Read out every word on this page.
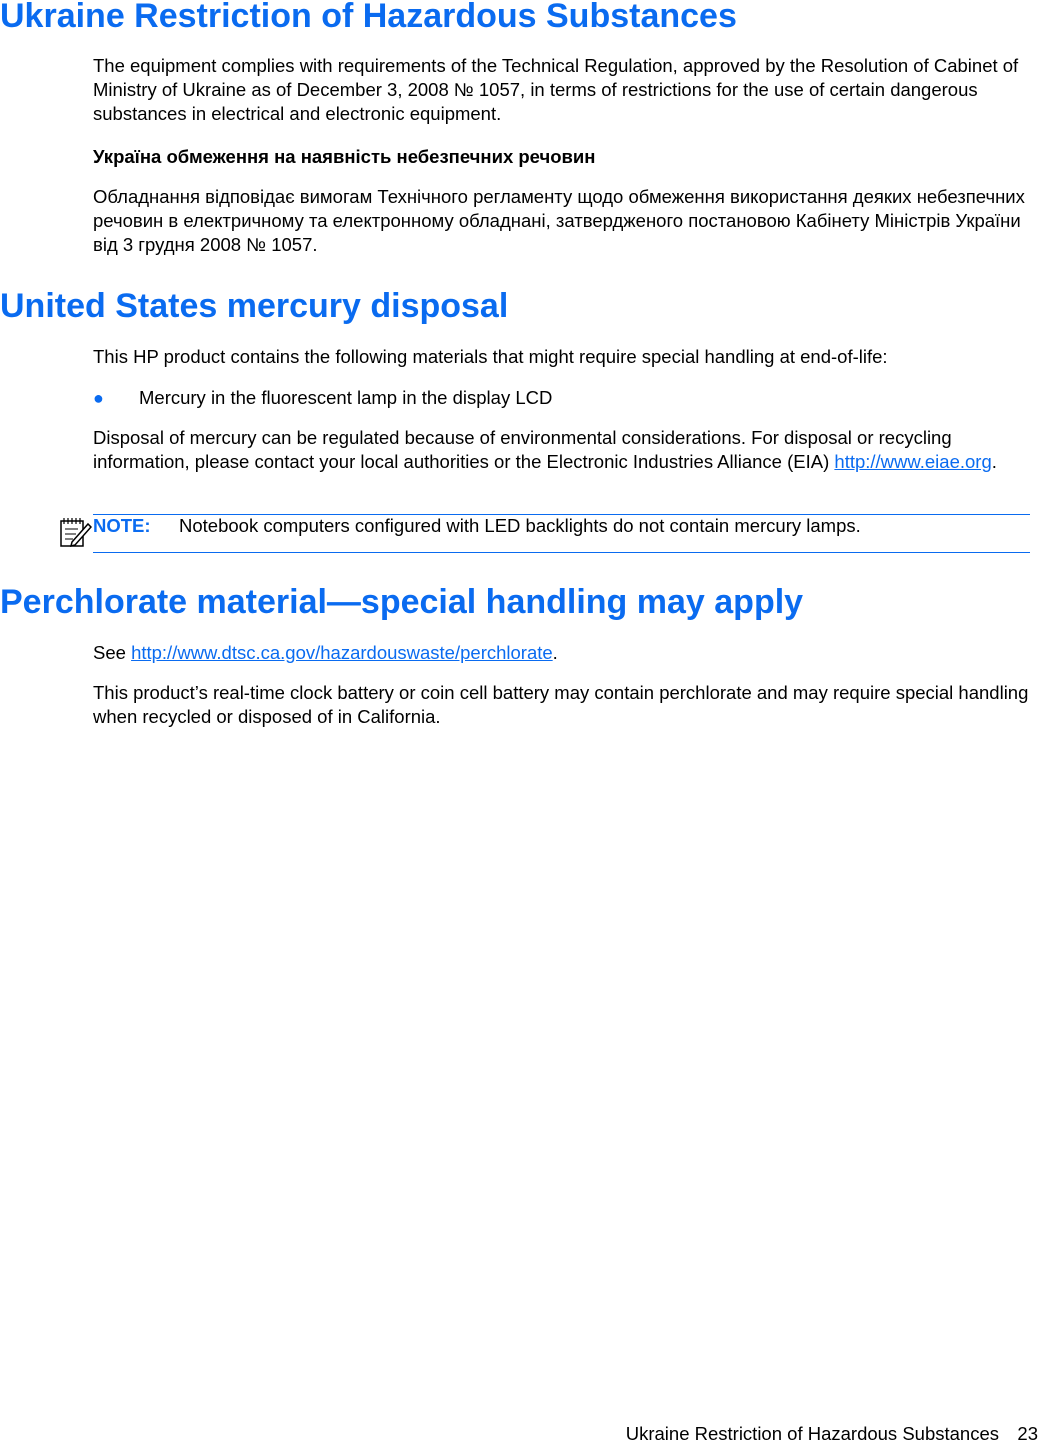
Ukraine Restriction of Hazardous Substances

The equipment complies with requirements of the Technical Regulation, approved by the Resolution of Cabinet of Ministry of Ukraine as of December 3, 2008 № 1057, in terms of restrictions for the use of certain dangerous substances in electrical and electronic equipment.

Україна обмеження на наявність небезпечних речовин

Обладнання відповідає вимогам Технічного регламенту щодо обмеження використання деяких небезпечних речовин в електричному та електронному обладнані, затвердженого постановою Кабінету Міністрів України від 3 грудня 2008 № 1057.

United States mercury disposal

This HP product contains the following materials that might require special handling at end-of-life:

● Mercury in the fluorescent lamp in the display LCD

Disposal of mercury can be regulated because of environmental considerations. For disposal or recycling information, please contact your local authorities or the Electronic Industries Alliance (EIA) http://www.eiae.org.

NOTE: Notebook computers configured with LED backlights do not contain mercury lamps.
Perchlorate material—special handling may apply

See http://www.dtsc.ca.gov/hazardouswaste/perchlorate.

This product’s real-time clock battery or coin cell battery may contain perchlorate and may require special handling when recycled or disposed of in California.

Ukraine Restriction of Hazardous Substances 23
